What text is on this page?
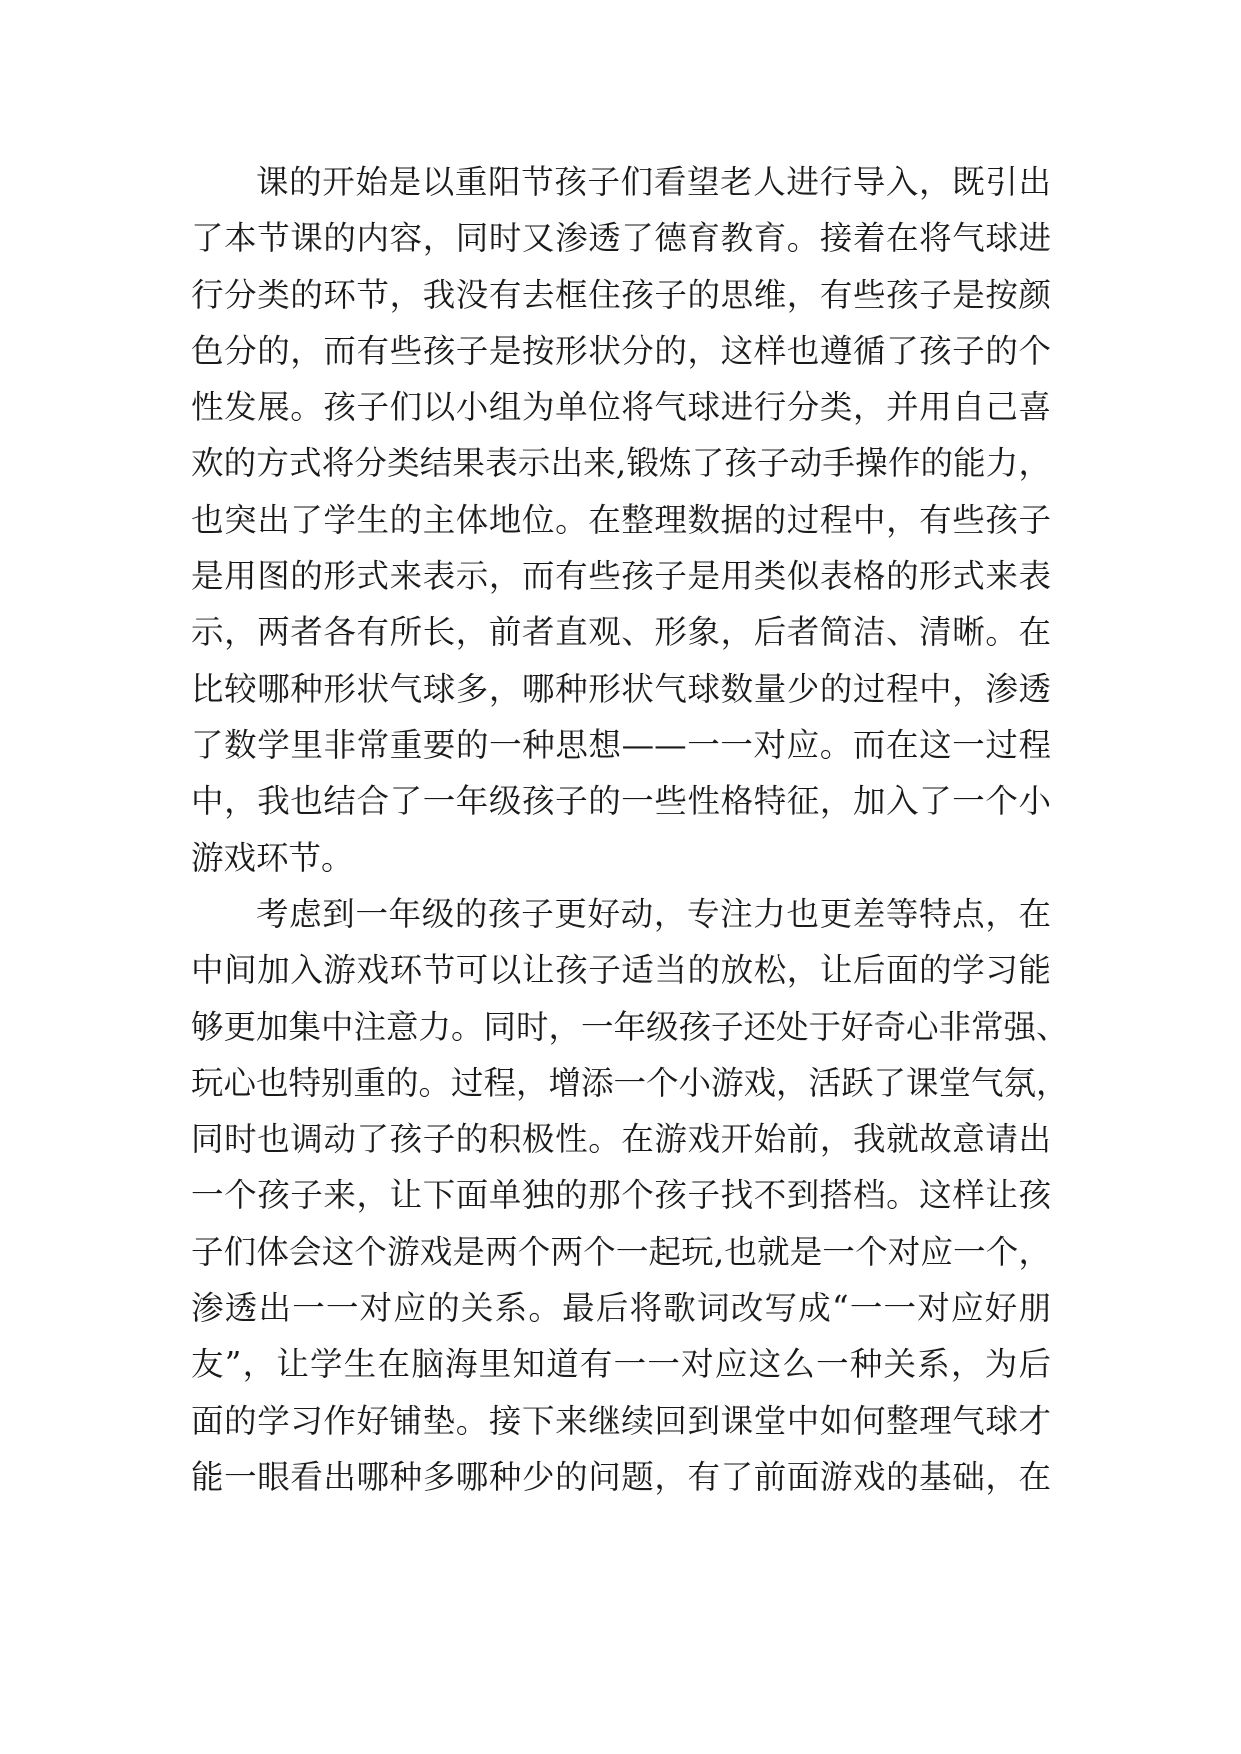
课的开始是以重阳节孩子们看望老人进行导入，既引出
了本节课的内容，同时又渗透了德育教育。接着在将气球进
行分类的环节，我没有去框住孩子的思维，有些孩子是按颜
色分的，而有些孩子是按形状分的，这样也遵循了孩子的个
性发展。孩子们以小组为单位将气球进行分类，并用自己喜
欢的方式将分类结果表示出来,锻炼了孩子动手操作的能力，
也突出了学生的主体地位。在整理数据的过程中，有些孩子
是用图的形式来表示，而有些孩子是用类似表格的形式来表
示，两者各有所长，前者直观、形象，后者简洁、清晰。在
比较哪种形状气球多，哪种形状气球数量少的过程中，渗透
了数学里非常重要的一种思想——一一对应。而在这一过程
中，我也结合了一年级孩子的一些性格特征，加入了一个小
游戏环节。
考虑到一年级的孩子更好动，专注力也更差等特点，在
中间加入游戏环节可以让孩子适当的放松，让后面的学习能
够更加集中注意力。同时，一年级孩子还处于好奇心非常强、
玩心也特别重的。过程，增添一个小游戏，活跃了课堂气氛，
同时也调动了孩子的积极性。在游戏开始前，我就故意请出
一个孩子来，让下面单独的那个孩子找不到搭档。这样让孩
子们体会这个游戏是两个两个一起玩,也就是一个对应一个，
渗透出一一对应的关系。最后将歌词改写成“一一对应好朋
友”，让学生在脑海里知道有一一对应这么一种关系，为后
面的学习作好铺垫。接下来继续回到课堂中如何整理气球才
能一眼看出哪种多哪种少的问题，有了前面游戏的基础，在
